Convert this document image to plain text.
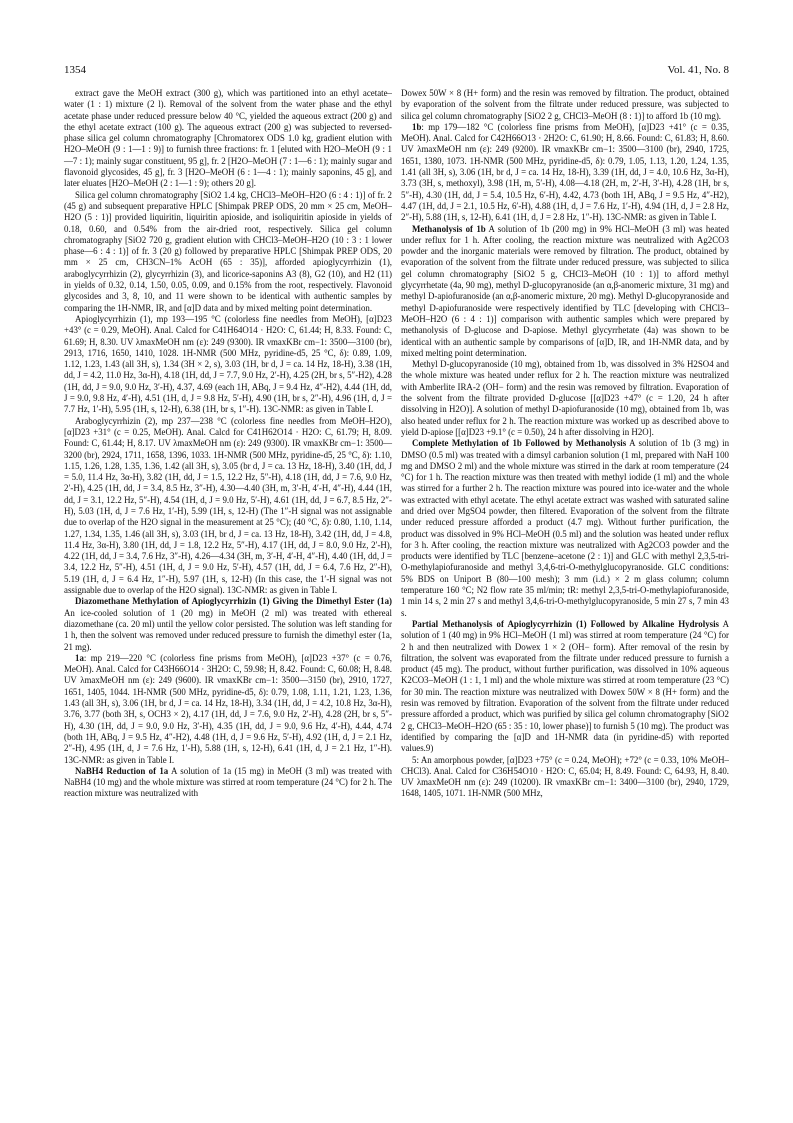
1354	Vol. 41, No. 8

extract gave the MeOH extract (300 g), which was partitioned into an ethyl acetate–water (1 : 1) mixture (2 l). Removal of the solvent from the water phase and the ethyl acetate phase under reduced pressure below 40 °C, yielded the aqueous extract (200 g) and the ethyl acetate extract (100 g). The aqueous extract (200 g) was subjected to reversed-phase silica gel column chromatography [Chromatorex ODS 1.0 kg, gradient elution with H2O–MeOH (9 : 1—1 : 9)] to furnish three fractions: fr. 1 [eluted with H2O–MeOH (9 : 1—7 : 1); mainly sugar constituent, 95 g], fr. 2 [H2O–MeOH (7 : 1—6 : 1); mainly sugar and flavonoid glycosides, 45 g], fr. 3 [H2O–MeOH (6 : 1—4 : 1); mainly saponins, 45 g], and later eluates [H2O–MeOH (2 : 1—1 : 9); others 20 g].

Silica gel column chromatography [SiO2 1.4 kg, CHCl3–MeOH–H2O (6 : 4 : 1)] of fr. 2 (45 g) and subsequent preparative HPLC [Shimpak PREP ODS, 20 mm × 25 cm, MeOH–H2O (5 : 1)] provided liquiritin, liquiritin apioside, and isoliquiritin apioside in yields of 0.18, 0.60, and 0.54% from the air-dried root, respectively. Silica gel column chromatography [SiO2 720 g, gradient elution with CHCl3–MeOH–H2O (10 : 3 : 1 lower phase—6 : 4 : 1)] of fr. 3 (20 g) followed by preparative HPLC [Shimpak PREP ODS, 20 mm × 25 cm, CH3CN–1% AcOH (65 : 35)], afforded apioglycyrrhizin (1), araboglycyrrhizin (2), glycyrrhizin (3), and licorice-saponins A3 (8), G2 (10), and H2 (11) in yields of 0.32, 0.14, 1.50, 0.05, 0.09, and 0.15% from the root, respectively. Flavonoid glycosides and 3, 8, 10, and 11 were shown to be identical with authentic samples by comparing the 1H-NMR, IR, and [α]D data and by mixed melting point determination.

Apioglycyrrhizin (1), mp 193—195 °C (colorless fine needles from MeOH), [α]D23 +43° (c = 0.29, MeOH). Anal. Calcd for C41H64O14 · H2O: C, 61.44; H, 8.33. Found: C, 61.69; H, 8.30. UV λmaxMeOH nm (ε): 249 (9300). IR νmaxKBr cm−1: 3500—3100 (br), 2913, 1716, 1650, 1410, 1028. 1H-NMR (500 MHz, pyridine-d5, 25 °C, δ): 0.89, 1.09, 1.12, 1.23, 1.43 (all 3H, s), 1.34 (3H × 2, s), 3.03 (1H, br d, J = ca. 14 Hz, 18-H), 3.38 (1H, dd, J = 4.2, 11.0 Hz, 3α-H), 4.18 (1H, dd, J = 7.7, 9.0 Hz, 2′-H), 4.25 (2H, br s, 5″-H2), 4.28 (1H, dd, J = 9.0, 9.0 Hz, 3′-H), 4.37, 4.69 (each 1H, ABq, J = 9.4 Hz, 4″-H2), 4.44 (1H, dd, J = 9.0, 9.8 Hz, 4′-H), 4.51 (1H, d, J = 9.8 Hz, 5′-H), 4.90 (1H, br s, 2″-H), 4.96 (1H, d, J = 7.7 Hz, 1′-H), 5.95 (1H, s, 12-H), 6.38 (1H, br s, 1″-H). 13C-NMR: as given in Table I.

Araboglycyrrhizin (2), mp 237—238 °C (colorless fine needles from MeOH–H2O), [α]D23 +31° (c = 0.25, MeOH). Anal. Calcd for C41H62O14 · H2O: C, 61.79; H, 8.09. Found: C, 61.44; H, 8.17. UV λmaxMeOH nm (ε): 249 (9300). IR νmaxKBr cm−1: 3500—3200 (br), 2924, 1711, 1658, 1396, 1033. 1H-NMR (500 MHz, pyridine-d5, 25 °C, δ): 1.10, 1.15, 1.26, 1.28, 1.35, 1.36, 1.42 (all 3H, s), 3.05 (br d, J = ca. 13 Hz, 18-H), 3.40 (1H, dd, J = 5.0, 11.4 Hz, 3α-H), 3.82 (1H, dd, J = 1.5, 12.2 Hz, 5″-H), 4.18 (1H, dd, J = 7.6, 9.0 Hz, 2′-H), 4.25 (1H, dd, J = 3.4, 8.5 Hz, 3″-H), 4.30—4.40 (3H, m, 3′-H, 4′-H, 4″-H), 4.44 (1H, dd, J = 3.1, 12.2 Hz, 5″-H), 4.54 (1H, d, J = 9.0 Hz, 5′-H), 4.61 (1H, dd, J = 6.7, 8.5 Hz, 2″-H), 5.03 (1H, d, J = 7.6 Hz, 1′-H), 5.99 (1H, s, 12-H) (The 1″-H signal was not assignable due to overlap of the H2O signal in the measurement at 25 °C); (40 °C, δ): 0.80, 1.10, 1.14, 1.27, 1.34, 1.35, 1.46 (all 3H, s), 3.03 (1H, br d, J = ca. 13 Hz, 18-H), 3.42 (1H, dd, J = 4.8, 11.4 Hz, 3α-H), 3.80 (1H, dd, J = 1.8, 12.2 Hz, 5″-H), 4.17 (1H, dd, J = 8.0, 9.0 Hz, 2′-H), 4.22 (1H, dd, J = 3.4, 7.6 Hz, 3″-H), 4.26—4.34 (3H, m, 3′-H, 4′-H, 4″-H), 4.40 (1H, dd, J = 3.4, 12.2 Hz, 5″-H), 4.51 (1H, d, J = 9.0 Hz, 5′-H), 4.57 (1H, dd, J = 6.4, 7.6 Hz, 2″-H), 5.19 (1H, d, J = 6.4 Hz, 1″-H), 5.97 (1H, s, 12-H) (In this case, the 1′-H signal was not assignable due to overlap of the H2O signal). 13C-NMR: as given in Table I.

Diazomethane Methylation of Apioglycyrrhizin (1) Giving the Dimethyl Ester (1a) An ice-cooled solution of 1 (20 mg) in MeOH (2 ml) was treated with ethereal diazomethane (ca. 20 ml) until the yellow color persisted. The solution was left standing for 1 h, then the solvent was removed under reduced pressure to furnish the dimethyl ester (1a, 21 mg).

1a: mp 219—220 °C (colorless fine prisms from MeOH), [α]D23 +37° (c = 0.76, MeOH). Anal. Calcd for C43H66O14 · 3H2O: C, 59.98; H, 8.42. Found: C, 60.08; H, 8.48. UV λmaxMeOH nm (ε): 249 (9600). IR νmaxKBr cm−1: 3500—3150 (br), 2910, 1727, 1651, 1405, 1044. 1H-NMR (500 MHz, pyridine-d5, δ): 0.79, 1.08, 1.11, 1.21, 1.23, 1.36, 1.43 (all 3H, s), 3.06 (1H, br d, J = ca. 14 Hz, 18-H), 3.34 (1H, dd, J = 4.2, 10.8 Hz, 3α-H), 3.76, 3.77 (both 3H, s, OCH3 × 2), 4.17 (1H, dd, J = 7.6, 9.0 Hz, 2′-H), 4.28 (2H, br s, 5″-H), 4.30 (1H, dd, J = 9.0, 9.0 Hz, 3′-H), 4.35 (1H, dd, J = 9.0, 9.6 Hz, 4′-H), 4.44, 4.74 (both 1H, ABq, J = 9.5 Hz, 4″-H2), 4.48 (1H, d, J = 9.6 Hz, 5′-H), 4.92 (1H, d, J = 2.1 Hz, 2″-H), 4.95 (1H, d, J = 7.6 Hz, 1′-H), 5.88 (1H, s, 12-H), 6.41 (1H, d, J = 2.1 Hz, 1″-H). 13C-NMR: as given in Table I.

NaBH4 Reduction of 1a A solution of 1a (15 mg) in MeOH (3 ml) was treated with NaBH4 (10 mg) and the whole mixture was stirred at room temperature (24 °C) for 2 h. The reaction mixture was neutralized with

Dowex 50W × 8 (H+ form) and the resin was removed by filtration. The product, obtained by evaporation of the solvent from the filtrate under reduced pressure, was subjected to silica gel column chromatography [SiO2 2 g, CHCl3–MeOH (8 : 1)] to afford 1b (10 mg).

1b: mp 179—182 °C (colorless fine prisms from MeOH), [α]D23 +41° (c = 0.35, MeOH). Anal. Calcd for C42H66O13 · 2H2O: C, 61.90; H, 8.66. Found: C, 61.83; H, 8.60. UV λmaxMeOH nm (ε): 249 (9200). IR νmaxKBr cm−1: 3500—3100 (br), 2940, 1725, 1651, 1380, 1073. 1H-NMR (500 MHz, pyridine-d5, δ): 0.79, 1.05, 1.13, 1.20, 1.24, 1.35, 1.41 (all 3H, s), 3.06 (1H, br d, J = ca. 14 Hz, 18-H), 3.39 (1H, dd, J = 4.0, 10.6 Hz, 3α-H), 3.73 (3H, s, methoxyl), 3.98 (1H, m, 5′-H), 4.08—4.18 (2H, m, 2′-H, 3′-H), 4.28 (1H, br s, 5″-H), 4.30 (1H, dd, J = 5.4, 10.5 Hz, 6′-H), 4.42, 4.73 (both 1H, ABq, J = 9.5 Hz, 4″-H2), 4.47 (1H, dd, J = 2.1, 10.5 Hz, 6′-H), 4.88 (1H, d, J = 7.6 Hz, 1′-H), 4.94 (1H, d, J = 2.8 Hz, 2″-H), 5.88 (1H, s, 12-H), 6.41 (1H, d, J = 2.8 Hz, 1″-H). 13C-NMR: as given in Table I.

Methanolysis of 1b A solution of 1b (200 mg) in 9% HCl–MeOH (3 ml) was heated under reflux for 1 h. After cooling, the reaction mixture was neutralized with Ag2CO3 powder and the inorganic materials were removed by filtration. The product, obtained by evaporation of the solvent from the filtrate under reduced pressure, was subjected to silica gel column chromatography [SiO2 5 g, CHCl3–MeOH (10 : 1)] to afford methyl glycyrrhetate (4a, 90 mg), methyl D-glucopyranoside (an α,β-anomeric mixture, 31 mg) and methyl D-apiofuranoside (an α,β-anomeric mixture, 20 mg). Methyl D-glucopyranoside and methyl D-apiofuranoside were respectively identified by TLC [developing with CHCl3–MeOH–H2O (6 : 4 : 1)] comparison with authentic samples which were prepared by methanolysis of D-glucose and D-apiose. Methyl glycyrrhetate (4a) was shown to be identical with an authentic sample by comparisons of [α]D, IR, and 1H-NMR data, and by mixed melting point determination.

Methyl D-glucopyranoside (10 mg), obtained from 1b, was dissolved in 3% H2SO4 and the whole mixture was heated under reflux for 2 h. The reaction mixture was neutralized with Amberlite IRA-2 (OH− form) and the resin was removed by filtration. Evaporation of the solvent from the filtrate provided D-glucose [[α]D23 +47° (c = 1.20, 24 h after dissolving in H2O)]. A solution of methyl D-apiofuranoside (10 mg), obtained from 1b, was also heated under reflux for 2 h. The reaction mixture was worked up as described above to yield D-apiose [[α]D23 +9.1° (c = 0.50), 24 h after dissolving in H2O].

Complete Methylation of 1b Followed by Methanolysis A solution of 1b (3 mg) in DMSO (0.5 ml) was treated with a dimsyl carbanion solution (1 ml, prepared with NaH 100 mg and DMSO 2 ml) and the whole mixture was stirred in the dark at room temperature (24 °C) for 1 h. The reaction mixture was then treated with methyl iodide (1 ml) and the whole was stirred for a further 2 h. The reaction mixture was poured into ice-water and the whole was extracted with ethyl acetate. The ethyl acetate extract was washed with saturated saline and dried over MgSO4 powder, then filtered. Evaporation of the solvent from the filtrate under reduced pressure afforded a product (4.7 mg). Without further purification, the product was dissolved in 9% HCl–MeOH (0.5 ml) and the solution was heated under reflux for 3 h. After cooling, the reaction mixture was neutralized with Ag2CO3 powder and the products were identified by TLC [benzene–acetone (2 : 1)] and GLC with methyl 2,3,5-tri-O-methylapiofuranoside and methyl 3,4,6-tri-O-methylglucopyranoside. GLC conditions: 5% BDS on Uniport B (80—100 mesh); 3 mm (i.d.) × 2 m glass column; column temperature 160 °C; N2 flow rate 35 ml/min; tR: methyl 2,3,5-tri-O-methylapiofuranoside, 1 min 14 s, 2 min 27 s and methyl 3,4,6-tri-O-methylglucopyranoside, 5 min 27 s, 7 min 43 s.

Partial Methanolysis of Apioglycyrrhizin (1) Followed by Alkaline Hydrolysis A solution of 1 (40 mg) in 9% HCl–MeOH (1 ml) was stirred at room temperature (24 °C) for 2 h and then neutralized with Dowex 1 × 2 (OH− form). After removal of the resin by filtration, the solvent was evaporated from the filtrate under reduced pressure to furnish a product (45 mg). The product, without further purification, was dissolved in 10% aqueous K2CO3–MeOH (1 : 1, 1 ml) and the whole mixture was stirred at room temperature (23 °C) for 30 min. The reaction mixture was neutralized with Dowex 50W × 8 (H+ form) and the resin was removed by filtration. Evaporation of the solvent from the filtrate under reduced pressure afforded a product, which was purified by silica gel column chromatography [SiO2 2 g, CHCl3–MeOH–H2O (65 : 35 : 10, lower phase)] to furnish 5 (10 mg). The product was identified by comparing the [α]D and 1H-NMR data (in pyridine-d5) with reported values.9)

5: An amorphous powder, [α]D23 +75° (c = 0.24, MeOH); +72° (c = 0.33, 10% MeOH–CHCl3). Anal. Calcd for C36H54O10 · H2O: C, 65.04; H, 8.49. Found: C, 64.93, H, 8.40. UV λmaxMeOH nm (ε): 249 (10200). IR νmaxKBr cm−1: 3400—3100 (br), 2940, 1729, 1648, 1405, 1071. 1H-NMR (500 MHz,
